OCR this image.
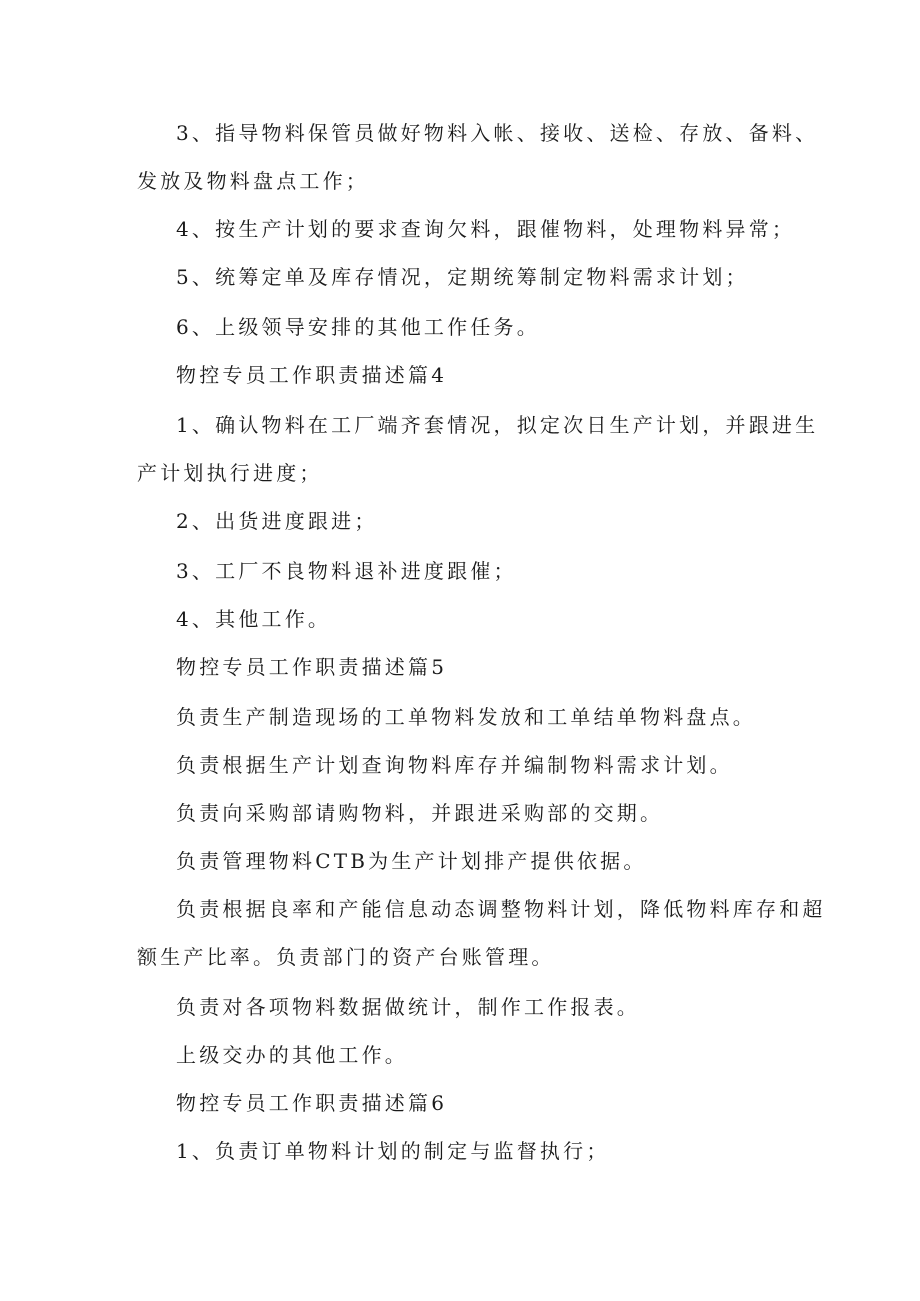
3、指导物料保管员做好物料入帐、接收、送检、存放、备料、
发放及物料盘点工作；
4、按生产计划的要求查询欠料，跟催物料，处理物料异常；
5、统筹定单及库存情况，定期统筹制定物料需求计划；
6、上级领导安排的其他工作任务。
物控专员工作职责描述篇4
1、确认物料在工厂端齐套情况，拟定次日生产计划，并跟进生
产计划执行进度；
2、出货进度跟进；
3、工厂不良物料退补进度跟催；
4、其他工作。
物控专员工作职责描述篇5
负责生产制造现场的工单物料发放和工单结单物料盘点。
负责根据生产计划查询物料库存并编制物料需求计划。
负责向采购部请购物料，并跟进采购部的交期。
负责管理物料CTB为生产计划排产提供依据。
负责根据良率和产能信息动态调整物料计划，降低物料库存和超
额生产比率。负责部门的资产台账管理。
负责对各项物料数据做统计，制作工作报表。
上级交办的其他工作。
物控专员工作职责描述篇6
1、负责订单物料计划的制定与监督执行；
